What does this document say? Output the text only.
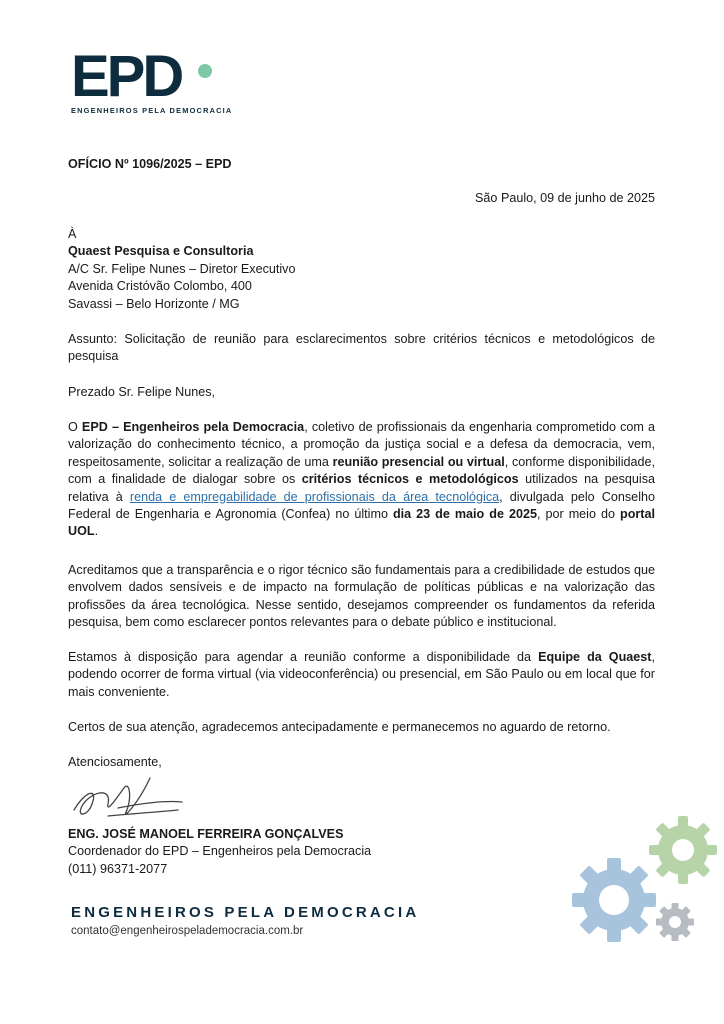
EPD
ENGENHEIROS PELA DEMOCRACIA
OFÍCIO Nº 1096/2025 – EPD
São Paulo, 09 de junho de 2025
À
Quaest Pesquisa e Consultoria
A/C Sr. Felipe Nunes – Diretor Executivo
Avenida Cristóvão Colombo, 400
Savassi – Belo Horizonte / MG
Assunto: Solicitação de reunião para esclarecimentos sobre critérios técnicos e metodológicos de pesquisa
Prezado Sr. Felipe Nunes,
O EPD – Engenheiros pela Democracia, coletivo de profissionais da engenharia comprometido com a valorização do conhecimento técnico, a promoção da justiça social e a defesa da democracia, vem, respeitosamente, solicitar a realização de uma reunião presencial ou virtual, conforme disponibilidade, com a finalidade de dialogar sobre os critérios técnicos e metodológicos utilizados na pesquisa relativa à renda e empregabilidade de profissionais da área tecnológica, divulgada pelo Conselho Federal de Engenharia e Agronomia (Confea) no último dia 23 de maio de 2025, por meio do portal UOL.
Acreditamos que a transparência e o rigor técnico são fundamentais para a credibilidade de estudos que envolvem dados sensíveis e de impacto na formulação de políticas públicas e na valorização das profissões da área tecnológica. Nesse sentido, desejamos compreender os fundamentos da referida pesquisa, bem como esclarecer pontos relevantes para o debate público e institucional.
Estamos à disposição para agendar a reunião conforme a disponibilidade da Equipe da Quaest, podendo ocorrer de forma virtual (via videoconferência) ou presencial, em São Paulo ou em local que for mais conveniente.
Certos de sua atenção, agradecemos antecipadamente e permanecemos no aguardo de retorno.
Atenciosamente,
ENG. JOSÉ MANOEL FERREIRA GONÇALVES
Coordenador do EPD – Engenheiros pela Democracia
(011) 96371-2077
ENGENHEIROS PELA DEMOCRACIA
contato@engenheirospelademocracia.com.br
